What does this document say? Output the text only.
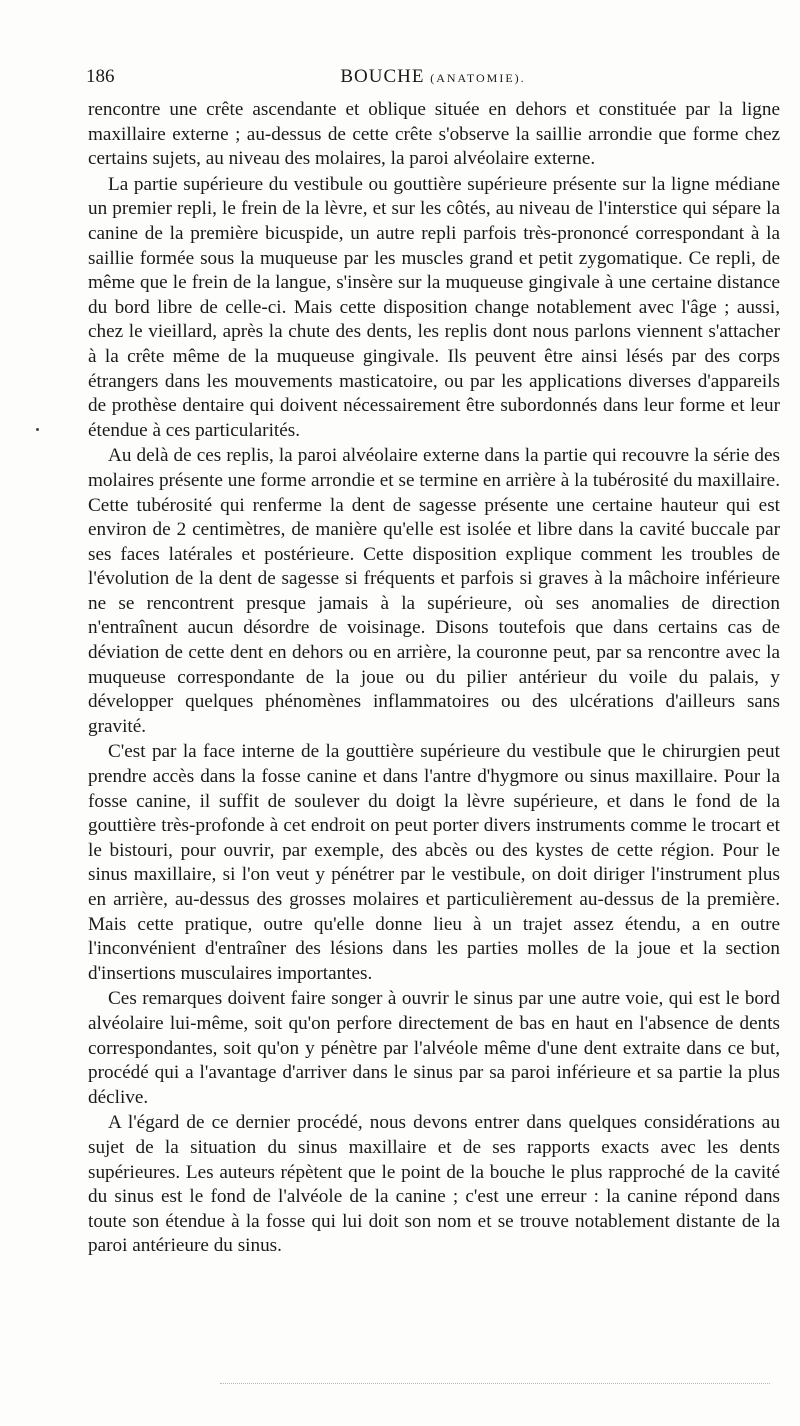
186	BOUCHE (ANATOMIE).

rencontre une crête ascendante et oblique située en dehors et constituée par la ligne maxillaire externe ; au-dessus de cette crête s'observe la saillie arrondie que forme chez certains sujets, au niveau des molaires, la paroi alvéolaire externe.

La partie supérieure du vestibule ou gouttière supérieure présente sur la ligne médiane un premier repli, le frein de la lèvre, et sur les côtés, au niveau de l'interstice qui sépare la canine de la première bicuspide, un autre repli parfois très-prononcé correspondant à la saillie formée sous la muqueuse par les muscles grand et petit zygomatique. Ce repli, de même que le frein de la langue, s'insère sur la muqueuse gingivale à une certaine distance du bord libre de celle-ci. Mais cette disposition change notablement avec l'âge ; aussi, chez le vieillard, après la chute des dents, les replis dont nous parlons viennent s'attacher à la crête même de la muqueuse gingivale. Ils peuvent être ainsi lésés par des corps étrangers dans les mouvements masticatoire, ou par les applications diverses d'appareils de prothèse dentaire qui doivent nécessairement être subordonnés dans leur forme et leur étendue à ces particularités.

Au delà de ces replis, la paroi alvéolaire externe dans la partie qui recouvre la série des molaires présente une forme arrondie et se termine en arrière à la tubérosité du maxillaire. Cette tubérosité qui renferme la dent de sagesse présente une certaine hauteur qui est environ de 2 centimètres, de manière qu'elle est isolée et libre dans la cavité buccale par ses faces latérales et postérieure. Cette disposition explique comment les troubles de l'évolution de la dent de sagesse si fréquents et parfois si graves à la mâchoire inférieure ne se rencontrent presque jamais à la supérieure, où ses anomalies de direction n'entraînent aucun désordre de voisinage. Disons toutefois que dans certains cas de déviation de cette dent en dehors ou en arrière, la couronne peut, par sa rencontre avec la muqueuse correspondante de la joue ou du pilier antérieur du voile du palais, y développer quelques phénomènes inflammatoires ou des ulcérations d'ailleurs sans gravité.

C'est par la face interne de la gouttière supérieure du vestibule que le chirurgien peut prendre accès dans la fosse canine et dans l'antre d'hygmore ou sinus maxillaire. Pour la fosse canine, il suffit de soulever du doigt la lèvre supérieure, et dans le fond de la gouttière très-profonde à cet endroit on peut porter divers instruments comme le trocart et le bistouri, pour ouvrir, par exemple, des abcès ou des kystes de cette région. Pour le sinus maxillaire, si l'on veut y pénétrer par le vestibule, on doit diriger l'instrument plus en arrière, au-dessus des grosses molaires et particulièrement au-dessus de la première. Mais cette pratique, outre qu'elle donne lieu à un trajet assez étendu, a en outre l'inconvénient d'entraîner des lésions dans les parties molles de la joue et la section d'insertions musculaires importantes.

Ces remarques doivent faire songer à ouvrir le sinus par une autre voie, qui est le bord alvéolaire lui-même, soit qu'on perfore directement de bas en haut en l'absence de dents correspondantes, soit qu'on y pénètre par l'alvéole même d'une dent extraite dans ce but, procédé qui a l'avantage d'arriver dans le sinus par sa paroi inférieure et sa partie la plus déclive.

A l'égard de ce dernier procédé, nous devons entrer dans quelques considérations au sujet de la situation du sinus maxillaire et de ses rapports exacts avec les dents supérieures. Les auteurs répètent que le point de la bouche le plus rapproché de la cavité du sinus est le fond de l'alvéole de la canine ; c'est une erreur : la canine répond dans toute son étendue à la fosse qui lui doit son nom et se trouve notablement distante de la paroi antérieure du sinus.
